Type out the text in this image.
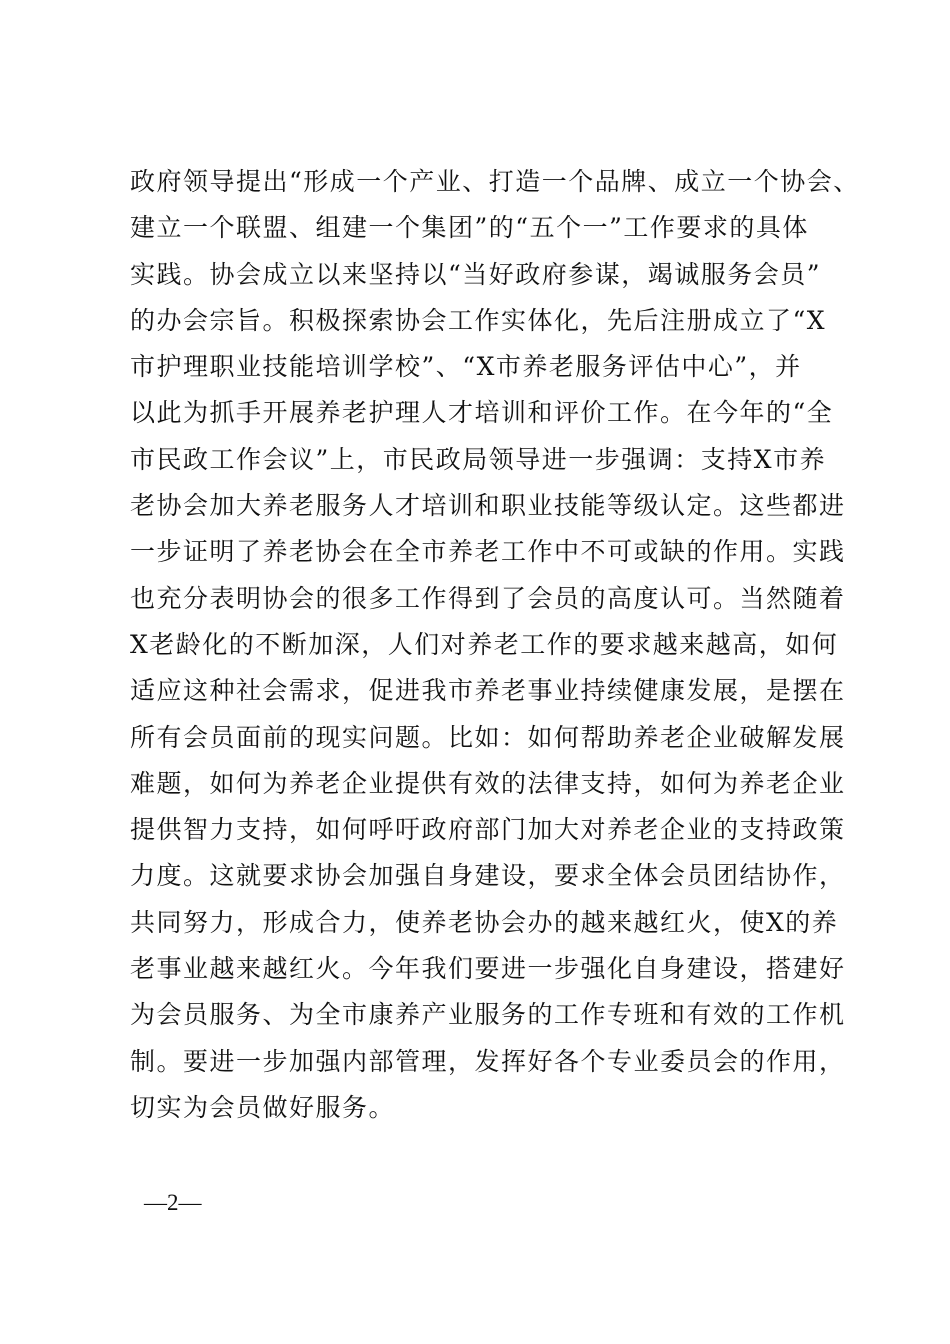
政府领导提出“形成一个产业、打造一个品牌、成立一个协会、
建立一个联盟、组建一个集团”的“五个一”工作要求的具体
实践。协会成立以来坚持以“当好政府参谋，竭诚服务会员”
的办会宗旨。积极探索协会工作实体化，先后注册成立了“X
市护理职业技能培训学校”、“X市养老服务评估中心”，并
以此为抓手开展养老护理人才培训和评价工作。在今年的“全
市民政工作会议”上，市民政局领导进一步强调：支持X市养
老协会加大养老服务人才培训和职业技能等级认定。这些都进
一步证明了养老协会在全市养老工作中不可或缺的作用。实践
也充分表明协会的很多工作得到了会员的高度认可。当然随着
X老龄化的不断加深，人们对养老工作的要求越来越高，如何
适应这种社会需求，促进我市养老事业持续健康发展，是摆在
所有会员面前的现实问题。比如：如何帮助养老企业破解发展
难题，如何为养老企业提供有效的法律支持，如何为养老企业
提供智力支持，如何呼吁政府部门加大对养老企业的支持政策
力度。这就要求协会加强自身建设，要求全体会员团结协作，
共同努力，形成合力，使养老协会办的越来越红火，使X的养
老事业越来越红火。今年我们要进一步强化自身建设，搭建好
为会员服务、为全市康养产业服务的工作专班和有效的工作机
制。要进一步加强内部管理，发挥好各个专业委员会的作用，
切实为会员做好服务。
—2—
